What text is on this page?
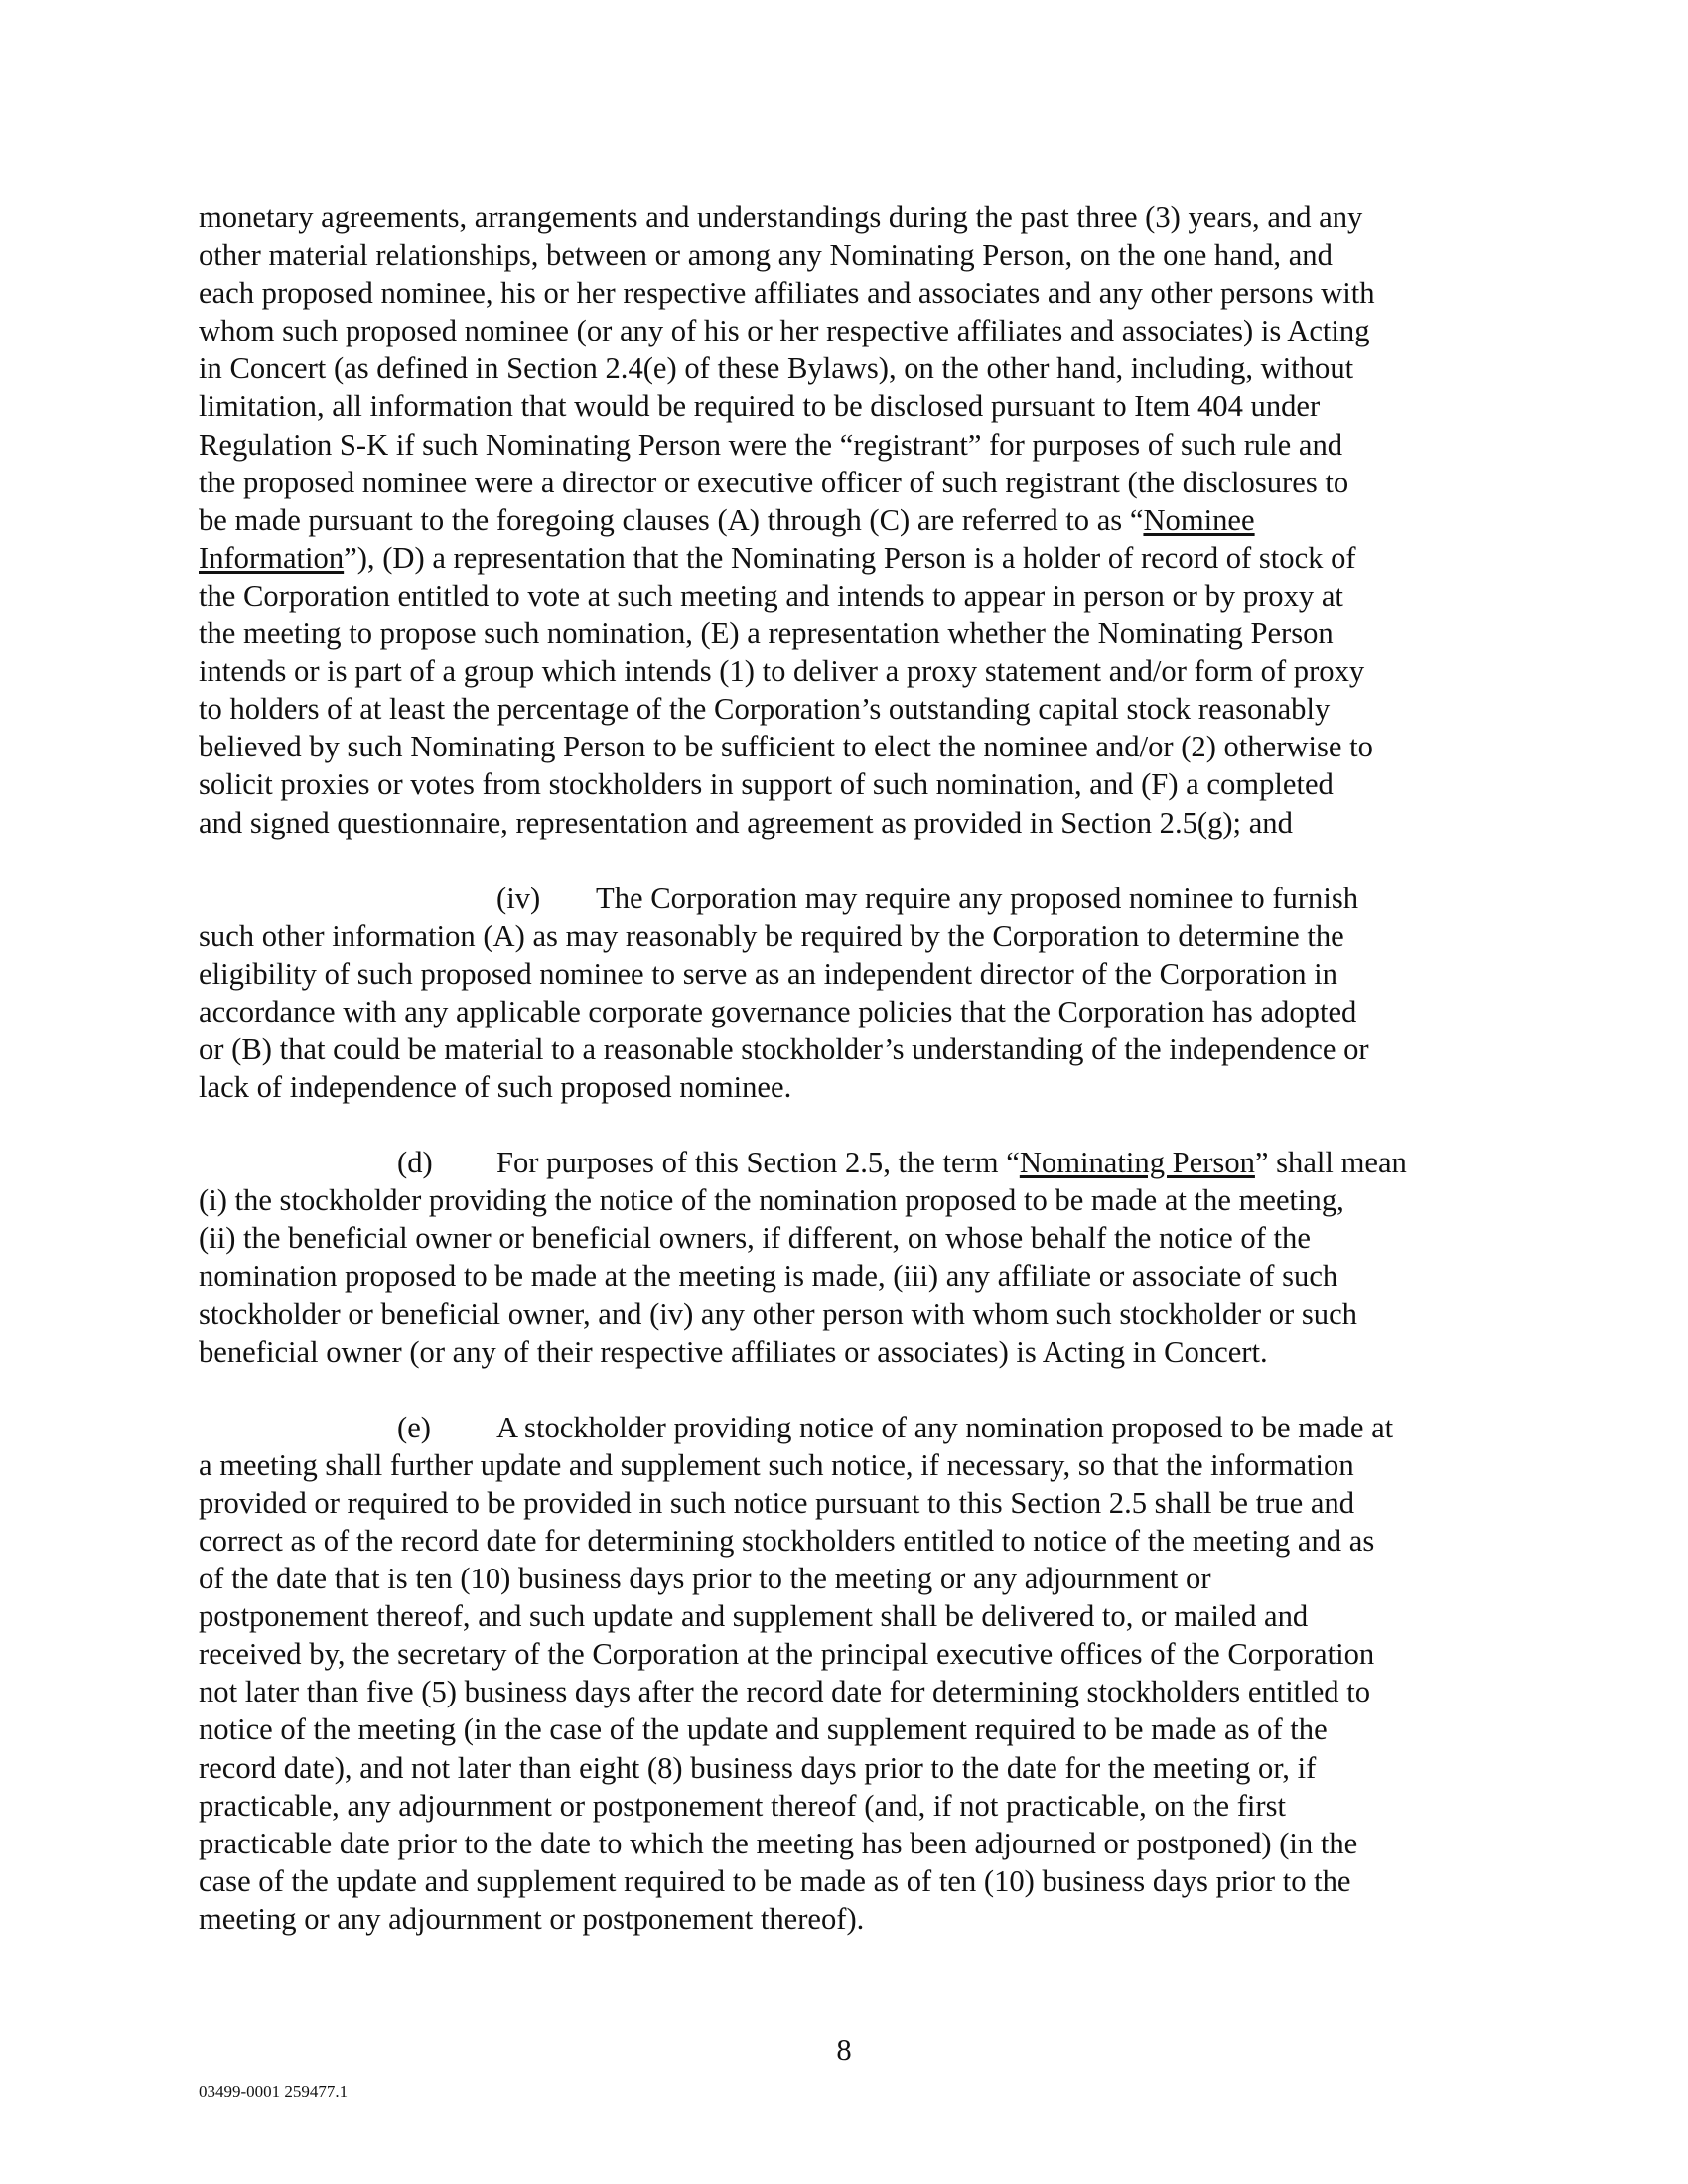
monetary agreements, arrangements and understandings during the past three (3) years, and any
other material relationships, between or among any Nominating Person, on the one hand, and
each proposed nominee, his or her respective affiliates and associates and any other persons with
whom such proposed nominee (or any of his or her respective affiliates and associates) is Acting
in Concert (as defined in Section 2.4(e) of these Bylaws), on the other hand, including, without
limitation, all information that would be required to be disclosed pursuant to Item 404 under
Regulation S-K if such Nominating Person were the “registrant” for purposes of such rule and
the proposed nominee were a director or executive officer of such registrant (the disclosures to
be made pursuant to the foregoing clauses (A) through (C) are referred to as “Nominee
Information”), (D) a representation that the Nominating Person is a holder of record of stock of
the Corporation entitled to vote at such meeting and intends to appear in person or by proxy at
the meeting to propose such nomination, (E) a representation whether the Nominating Person
intends or is part of a group which intends (1) to deliver a proxy statement and/or form of proxy
to holders of at least the percentage of the Corporation’s outstanding capital stock reasonably
believed by such Nominating Person to be sufficient to elect the nominee and/or (2) otherwise to
solicit proxies or votes from stockholders in support of such nomination, and (F) a completed
and signed questionnaire, representation and agreement as provided in Section 2.5(g); and
(iv) The Corporation may require any proposed nominee to furnish
such other information (A) as may reasonably be required by the Corporation to determine the
eligibility of such proposed nominee to serve as an independent director of the Corporation in
accordance with any applicable corporate governance policies that the Corporation has adopted
or (B) that could be material to a reasonable stockholder’s understanding of the independence or
lack of independence of such proposed nominee.
(d) For purposes of this Section 2.5, the term “Nominating Person” shall mean
(i) the stockholder providing the notice of the nomination proposed to be made at the meeting,
(ii) the beneficial owner or beneficial owners, if different, on whose behalf the notice of the
nomination proposed to be made at the meeting is made, (iii) any affiliate or associate of such
stockholder or beneficial owner, and (iv) any other person with whom such stockholder or such
beneficial owner (or any of their respective affiliates or associates) is Acting in Concert.
(e) A stockholder providing notice of any nomination proposed to be made at
a meeting shall further update and supplement such notice, if necessary, so that the information
provided or required to be provided in such notice pursuant to this Section 2.5 shall be true and
correct as of the record date for determining stockholders entitled to notice of the meeting and as
of the date that is ten (10) business days prior to the meeting or any adjournment or
postponement thereof, and such update and supplement shall be delivered to, or mailed and
received by, the secretary of the Corporation at the principal executive offices of the Corporation
not later than five (5) business days after the record date for determining stockholders entitled to
notice of the meeting (in the case of the update and supplement required to be made as of the
record date), and not later than eight (8) business days prior to the date for the meeting or, if
practicable, any adjournment or postponement thereof (and, if not practicable, on the first
practicable date prior to the date to which the meeting has been adjourned or postponed) (in the
case of the update and supplement required to be made as of ten (10) business days prior to the
meeting or any adjournment or postponement thereof).
8
03499-0001 259477.1
